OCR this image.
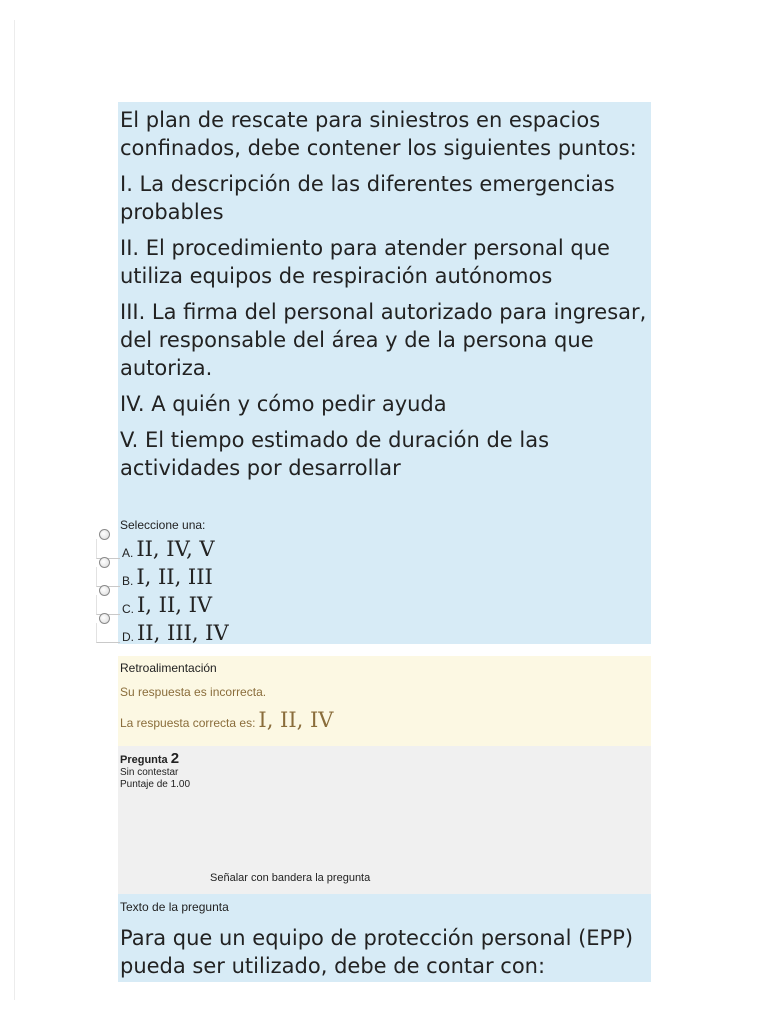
El plan de rescate para siniestros en espacios confinados, debe contener los siguientes puntos:

I. La descripción de las diferentes emergencias probables

II. El procedimiento para atender personal que utiliza equipos de respiración autónomos

III. La firma del personal autorizado para ingresar, del responsable del área y de la persona que autoriza.

IV. A quién y cómo pedir ayuda

V. El tiempo estimado de duración de las actividades por desarrollar

Seleccione una:
A. II, IV, V
B. I, II, III
C. I, II, IV
D. II, III, IV
Retroalimentación
Su respuesta es incorrecta.
La respuesta correcta es: I, II, IV
Pregunta 2
Sin contestar
Puntaje de 1.00
Señalar con bandera la pregunta
Texto de la pregunta
Para que un equipo de protección personal (EPP) pueda ser utilizado, debe de contar con:
